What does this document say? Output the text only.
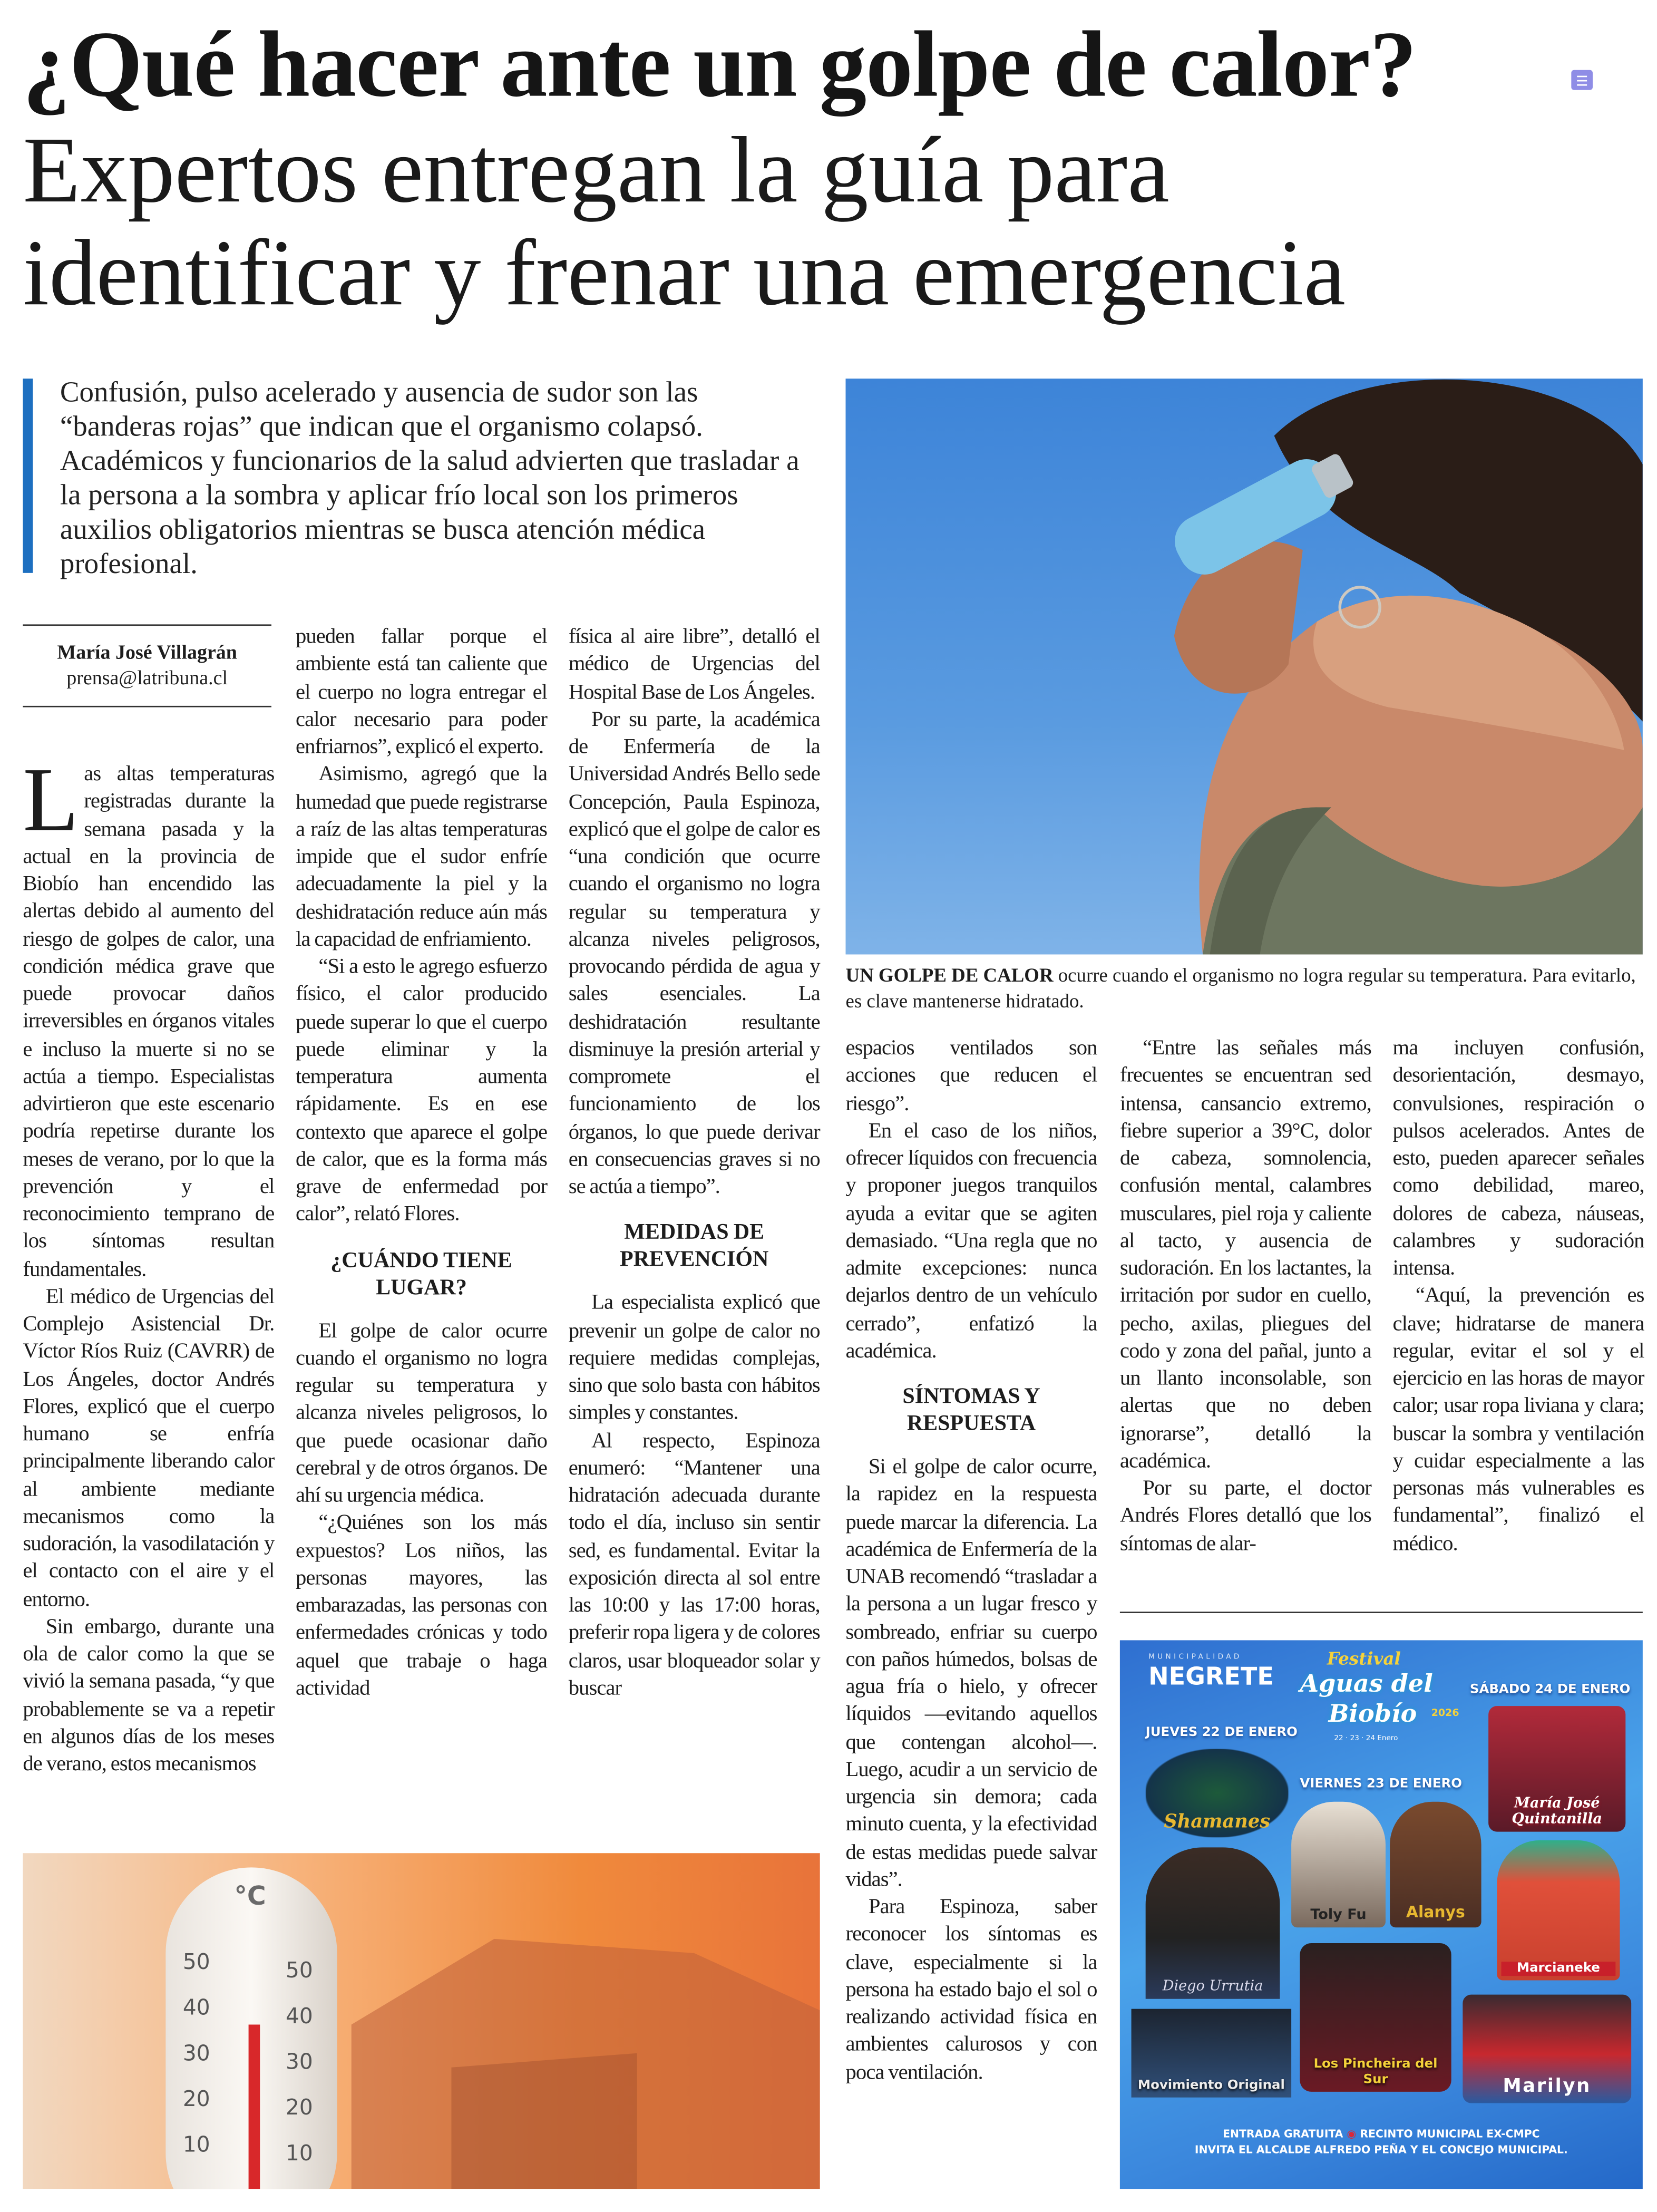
¿Qué hacer ante un golpe de calor?
Expertos entregan la guía para
identificar y frenar una emergencia
Confusión, pulso acelerado y ausencia de sudor son las “banderas rojas” que indican que el organismo colapsó. Académicos y funcionarios de la salud advierten que trasladar a la persona a la sombra y aplicar frío local son los primeros auxilios obligatorios mientras se busca atención médica profesional.
UN GOLPE DE CALOR ocurre cuando el organismo no logra regular su temperatura. Para evitarlo, es clave mantenerse hidratado.
María José Villagrán
prensa@latribuna.cl

Las altas temperaturas registradas durante la semana pasada y la actual en la provincia de Biobío han encendido las alertas debido al aumento del riesgo de golpes de calor, una condición médica grave que puede provocar daños irreversibles en órganos vitales e incluso la muerte si no se actúa a tiempo. Especialistas advirtieron que este escenario podría repetirse durante los meses de verano, por lo que la prevención y el reconocimiento temprano de los síntomas resultan fundamentales.

El médico de Urgencias del Complejo Asistencial Dr. Víctor Ríos Ruiz (CAVRR) de Los Ángeles, doctor Andrés Flores, explicó que el cuerpo humano se enfría principalmente liberando calor al ambiente mediante mecanismos como la sudoración, la vasodilatación y el contacto con el aire y el entorno.

Sin embargo, durante una ola de calor como la que se vivió la semana pasada, “y que probablemente se va a repetir en algunos días de los meses de verano, estos mecanismos

pueden fallar porque el ambiente está tan caliente que el cuerpo no logra entregar el calor necesario para poder enfriarnos”, explicó el experto.

Asimismo, agregó que la humedad que puede registrarse a raíz de las altas temperaturas impide que el sudor enfríe adecuadamente la piel y la deshidratación reduce aún más la capacidad de enfriamiento.

“Si a esto le agrego esfuerzo físico, el calor producido puede superar lo que el cuerpo puede eliminar y la temperatura aumenta rápidamente. Es en ese contexto que aparece el golpe de calor, que es la forma más grave de enfermedad por calor”, relató Flores.

¿CUÁNDO TIENE LUGAR?

El golpe de calor ocurre cuando el organismo no logra regular su temperatura y alcanza niveles peligrosos, lo que puede ocasionar daño cerebral y de otros órganos. De ahí su urgencia médica.

“¿Quiénes son los más expuestos? Los niños, las personas mayores, las embarazadas, las personas con enfermedades crónicas y todo aquel que trabaje o haga actividad

física al aire libre”, detalló el médico de Urgencias del Hospital Base de Los Ángeles.

Por su parte, la académica de Enfermería de la Universidad Andrés Bello sede Concepción, Paula Espinoza, explicó que el golpe de calor es “una condición que ocurre cuando el organismo no logra regular su temperatura y alcanza niveles peligrosos, provocando pérdida de agua y sales esenciales. La deshidratación resultante disminuye la presión arterial y compromete el funcionamiento de los órganos, lo que puede derivar en consecuencias graves si no se actúa a tiempo”.

MEDIDAS DE PREVENCIÓN

La especialista explicó que prevenir un golpe de calor no requiere medidas complejas, sino que solo basta con hábitos simples y constantes.

Al respecto, Espinoza enumeró: “Mantener una hidratación adecuada durante todo el día, incluso sin sentir sed, es fundamental. Evitar la exposición directa al sol entre las 10:00 y las 17:00 horas, preferir ropa ligera y de colores claros, usar bloqueador solar y buscar

espacios ventilados son acciones que reducen el riesgo”.

En el caso de los niños, ofrecer líquidos con frecuencia y proponer juegos tranquilos ayuda a evitar que se agiten demasiado. “Una regla que no admite excepciones: nunca dejarlos dentro de un vehículo cerrado”, enfatizó la académica.

SÍNTOMAS Y RESPUESTA

Si el golpe de calor ocurre, la rapidez en la respuesta puede marcar la diferencia. La académica de Enfermería de la UNAB recomendó “trasladar a la persona a un lugar fresco y sombreado, enfriar su cuerpo con paños húmedos, bolsas de agua fría o hielo, y ofrecer líquidos —evitando aquellos que contengan alcohol—. Luego, acudir a un servicio de urgencia sin demora; cada minuto cuenta, y la efectividad de estas medidas puede salvar vidas”.

Para Espinoza, saber reconocer los síntomas es clave, especialmente si la persona ha estado bajo el sol o realizando actividad física en ambientes calurosos y con poca ventilación.

“Entre las señales más frecuentes se encuentran sed intensa, cansancio extremo, fiebre superior a 39°C, dolor de cabeza, somnolencia, confusión mental, calambres musculares, piel roja y caliente al tacto, y ausencia de sudoración. En los lactantes, la irritación por sudor en cuello, pecho, axilas, pliegues del codo y zona del pañal, junto a un llanto inconsolable, son alertas que no deben ignorarse”, detalló la académica.

Por su parte, el doctor Andrés Flores detalló que los síntomas de alar-

ma incluyen confusión, desorientación, desmayo, convulsiones, respiración o pulsos acelerados. Antes de esto, pueden aparecer señales como debilidad, mareo, dolores de cabeza, náuseas, calambres y sudoración intensa.

“Aquí, la prevención es clave; hidratarse de manera regular, evitar el sol y el ejercicio en las horas de mayor calor; usar ropa liviana y clara; buscar la sombra y ventilación y cuidar especialmente a las personas más vulnerables es fundamental”, finalizó el médico.

°C
50
40
30
20
10
50
40
30
20
10
MUNICIPALIDAD
NEGRETE
Festival
Aguas del
Biobío	2026
22 · 23 · 24 Enero
JUEVES 22 DE ENERO
VIERNES 23 DE ENERO
SÁBADO 24 DE ENERO
Shamanes
Diego Urrutia
Movimiento Original
Toly Fu	Alanys
Los Pincheira del Sur
María José Quintanilla
Marcianeke
Marilyn
ENTRADA GRATUITA ◉ RECINTO MUNICIPAL EX-CMPC
INVITA EL ALCALDE ALFREDO PEÑA Y EL CONCEJO MUNICIPAL.
